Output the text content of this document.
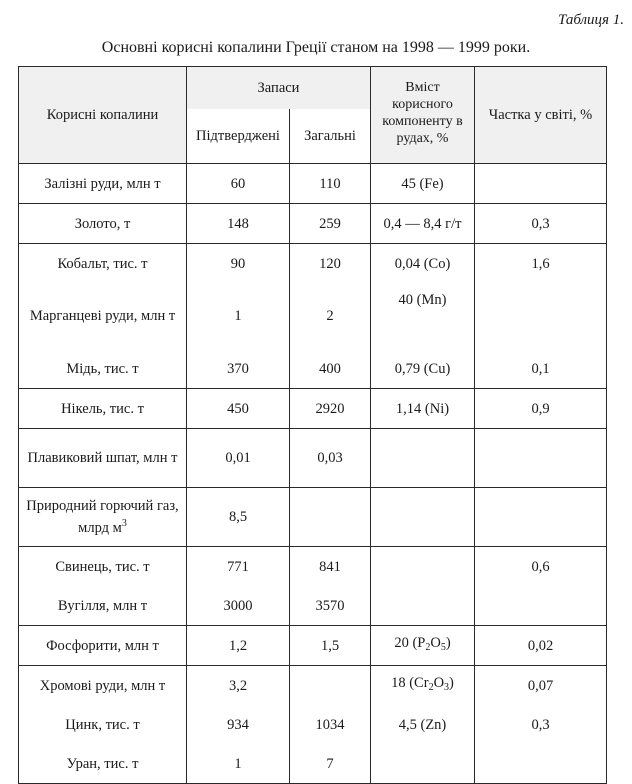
Таблиця 1.
Основні корисні копалини Греції станом на 1998 — 1999 роки.
Корисні копалини	Запаси		Вміст корисного компоненту в рудах, %	Частка у світі, %
	Підтверджені	Загальні		
Залізні руди, млн т	60	110	45 (Fe)	
Золото, т	148	259	0,4 — 8,4 г/т	0,3
Кобальт, тис. т	90	120	0,04 (Co)	1,6
Марганцеві руди, млн т	1	2	40 (Mn)	
Мідь, тис. т	370	400	0,79 (Cu)	0,1
Нікель, тис. т	450	2920	1,14 (Ni)	0,9
Плавиковий шпат, млн т	0,01	0,03		
Природний горючий газ, млрд $м^3$	8,5			
Свинець, тис. т	771	841		0,6
Вугілля, млн т	3000	3570		
Фосфорити, млн т	1,2	1,5	20 $(P_2O_5)$	0,02
Хромові руди, млн т	3,2		18 $(Cr_2O_3)$	0,07
Цинк, тис. т	934	1034	4,5 (Zn)	0,3
Уран, тис. т	1	7		
